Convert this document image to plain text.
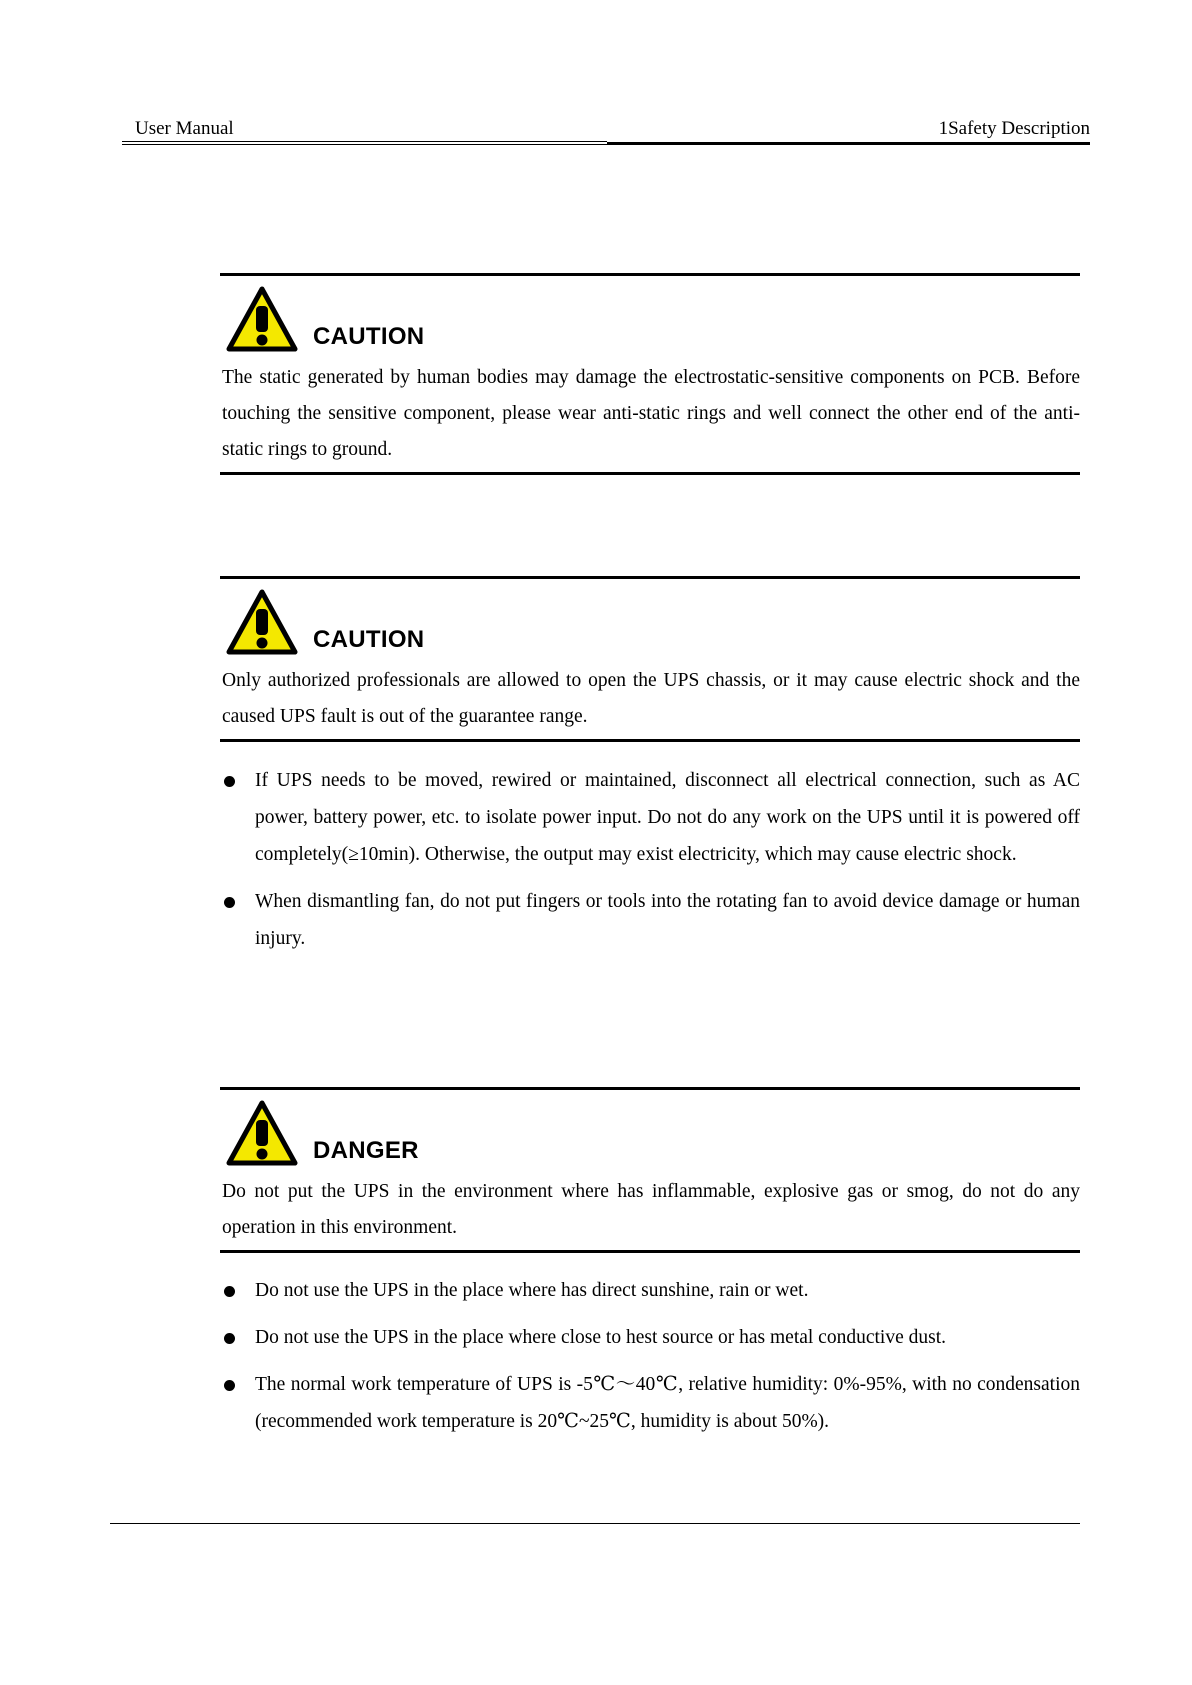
User Manual	1Safety Description
CAUTION
The static generated by human bodies may damage the electrostatic-sensitive components on PCB. Before touching the sensitive component, please wear anti-static rings and well connect the other end of the anti-static rings to ground.
CAUTION
Only authorized professionals are allowed to open the UPS chassis, or it may cause electric shock and the caused UPS fault is out of the guarantee range.
If UPS needs to be moved, rewired or maintained, disconnect all electrical connection, such as AC power, battery power, etc. to isolate power input. Do not do any work on the UPS until it is powered off completely(≥10min). Otherwise, the output may exist electricity, which may cause electric shock.
When dismantling fan, do not put fingers or tools into the rotating fan to avoid device damage or human injury.
DANGER
Do not put the UPS in the environment where has inflammable, explosive gas or smog, do not do any operation in this environment.
Do not use the UPS in the place where has direct sunshine, rain or wet.
Do not use the UPS in the place where close to hest source or has metal conductive dust.
The normal work temperature of UPS is -5℃～40℃, relative humidity: 0%-95%, with no condensation (recommended work temperature is 20℃~25℃, humidity is about 50%).
